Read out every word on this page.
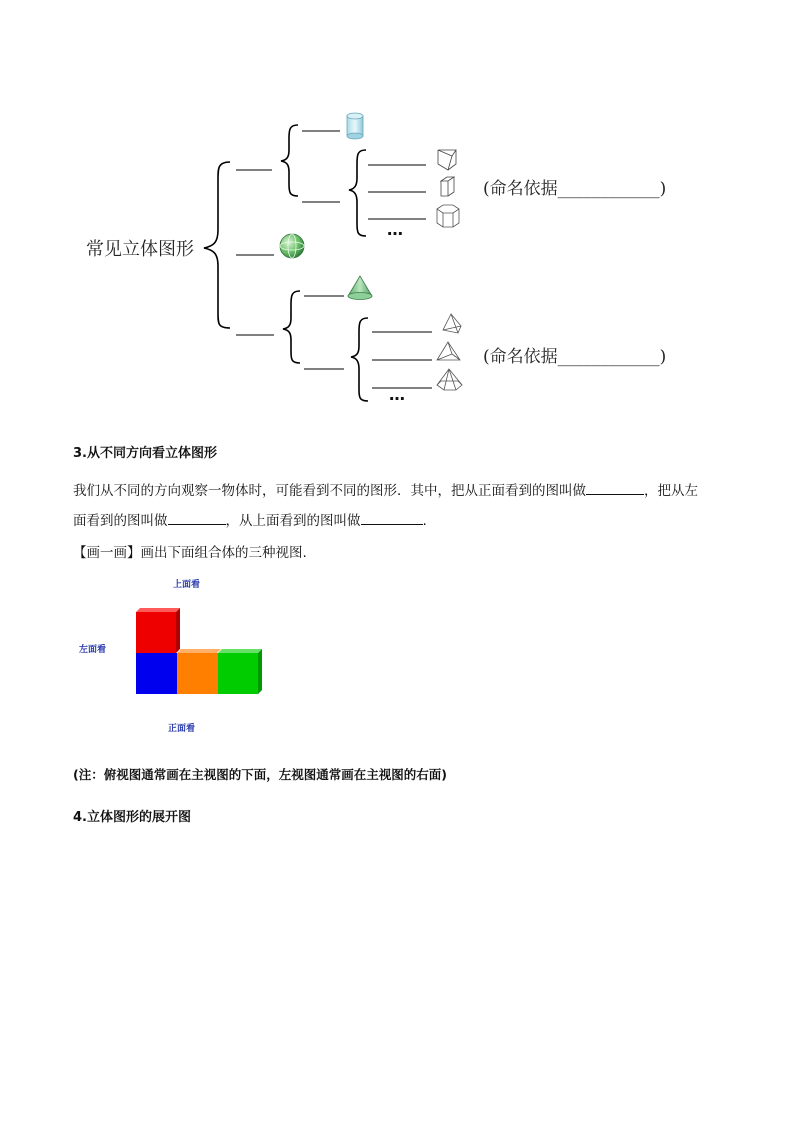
常见立体图形
(命名依据____________)
(命名依据____________)
…
…
3.从不同方向看立体图形
我们从不同的方向观察一物体时，可能看到不同的图形．其中，把从正面看到的图叫做	，把从左
面看到的图叫做	，从上面看到的图叫做	.
【画一画】画出下面组合体的三种视图.
上面看
左面看
正面看
(注：俯视图通常画在主视图的下面，左视图通常画在主视图的右面)
4.立体图形的展开图
